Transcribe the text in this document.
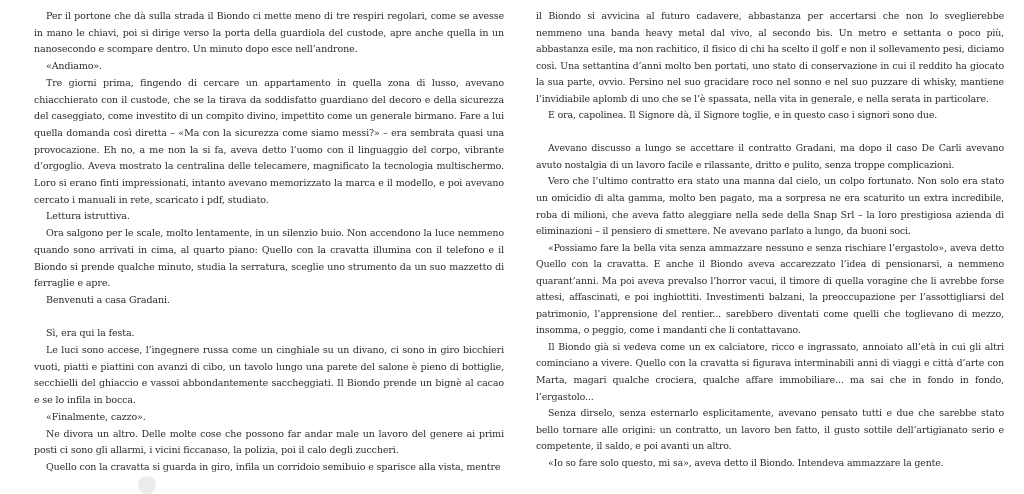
Per il portone che dà sulla strada il Biondo ci mette meno di tre respiri regolari, come se avesse in mano le chiavi, poi si dirige verso la porta della guardiola del custode, apre anche quella in un nanosecondo e scompare dentro. Un minuto dopo esce nell’androne.

«Andiamo».

Tre giorni prima, fingendo di cercare un appartamento in quella zona di lusso, avevano chiacchierato con il custode, che se la tirava da soddisfatto guardiano del decoro e della sicurezza del caseggiato, come investito di un compito divino, impettito come un generale birmano. Fare a lui quella domanda così diretta – «Ma con la sicurezza come siamo messi?» – era sembrata quasi una provocazione. Eh no, a me non la si fa, aveva detto l’uomo con il linguaggio del corpo, vibrante d’orgoglio. Aveva mostrato la centralina delle telecamere, magnificato la tecnologia multischermo. Loro si erano finti impressionati, intanto avevano memorizzato la marca e il modello, e poi avevano cercato i manuali in rete, scaricato i pdf, studiato.

Lettura istruttiva.

Ora salgono per le scale, molto lentamente, in un silenzio buio. Non accendono la luce nemmeno quando sono arrivati in cima, al quarto piano: Quello con la cravatta illumina con il telefono e il Biondo si prende qualche minuto, studia la serratura, sceglie uno strumento da un suo mazzetto di ferraglie e apre.

Benvenuti a casa Gradani.

Sì, era qui la festa.

Le luci sono accese, l’ingegnere russa come un cinghiale su un divano, ci sono in giro bicchieri vuoti, piatti e piattini con avanzi di cibo, un tavolo lungo una parete del salone è pieno di bottiglie, secchielli del ghiaccio e vassoi abbondantemente saccheggiati. Il Biondo prende un bignè al cacao e se lo infila in bocca.

«Finalmente, cazzo».

Ne divora un altro. Delle molte cose che possono far andar male un lavoro del genere ai primi posti ci sono gli allarmi, i vicini ficcanaso, la polizia, poi il calo degli zuccheri.

Quello con la cravatta si guarda in giro, infila un corridoio semibuio e sparisce alla vista, mentre

il Biondo si avvicina al futuro cadavere, abbastanza per accertarsi che non lo sveglierebbe nemmeno una banda heavy metal dal vivo, al secondo bis. Un metro e settanta o poco più, abbastanza esile, ma non rachitico, il fisico di chi ha scelto il golf e non il sollevamento pesi, diciamo così. Una settantina d’anni molto ben portati, uno stato di conservazione in cui il reddito ha giocato la sua parte, ovvio. Persino nel suo gracidare roco nel sonno e nel suo puzzare di whisky, mantiene l’invidiabile aplomb di uno che se l’è spassata, nella vita in generale, e nella serata in particolare.

E ora, capolinea. Il Signore dà, il Signore toglie, e in questo caso i signori sono due.

Avevano discusso a lungo se accettare il contratto Gradani, ma dopo il caso De Carli avevano avuto nostalgia di un lavoro facile e rilassante, dritto e pulito, senza troppe complicazioni.

Vero che l’ultimo contratto era stato una manna dal cielo, un colpo fortunato. Non solo era stato un omicidio di alta gamma, molto ben pagato, ma a sorpresa ne era scaturito un extra incredibile, roba di milioni, che aveva fatto aleggiare nella sede della Snap Srl – la loro prestigiosa azienda di eliminazioni – il pensiero di smettere. Ne avevano parlato a lungo, da buoni soci.

«Possiamo fare la bella vita senza ammazzare nessuno e senza rischiare l’ergastolo», aveva detto Quello con la cravatta. E anche il Biondo aveva accarezzato l’idea di pensionarsi, a nemmeno quarant’anni. Ma poi aveva prevalso l’horror vacui, il timore di quella voragine che li avrebbe forse attesi, affascinati, e poi inghiottiti. Investimenti balzani, la preoccupazione per l’assottigliarsi del patrimonio, l’apprensione del rentier... sarebbero diventati come quelli che toglievano di mezzo, insomma, o peggio, come i mandanti che li contattavano.

Il Biondo già si vedeva come un ex calciatore, ricco e ingrassato, annoiato all’età in cui gli altri cominciano a vivere. Quello con la cravatta si figurava interminabili anni di viaggi e città d’arte con Marta, magari qualche crociera, qualche affare immobiliare... ma sai che in fondo in fondo, l’ergastolo...

Senza dirselo, senza esternarlo esplicitamente, avevano pensato tutti e due che sarebbe stato bello tornare alle origini: un contratto, un lavoro ben fatto, il gusto sottile dell’artigianato serio e competente, il saldo, e poi avanti un altro.

«Io so fare solo questo, mi sa», aveva detto il Biondo. Intendeva ammazzare la gente.
